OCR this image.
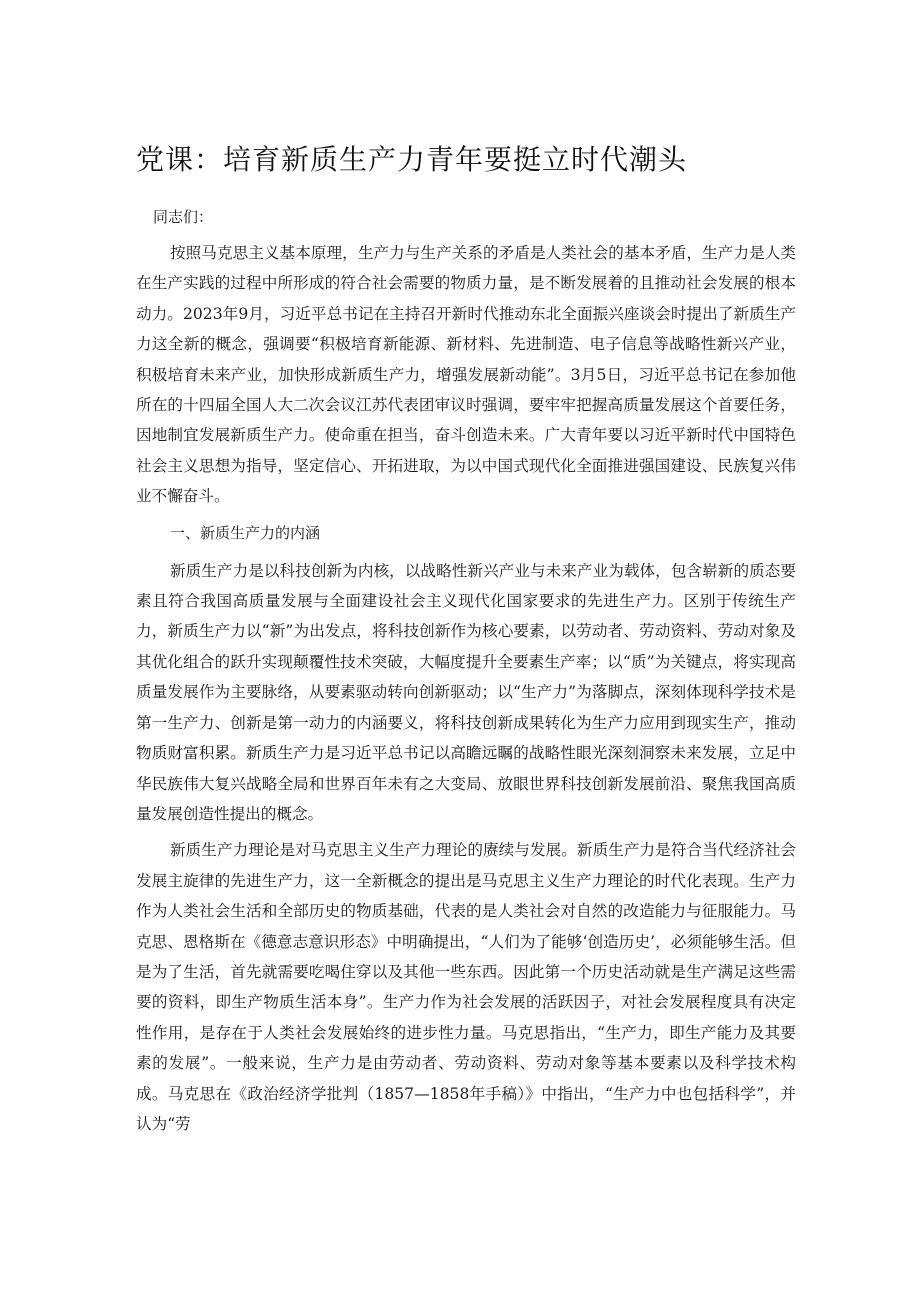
党课：培育新质生产力青年要挺立时代潮头

同志们：

按照马克思主义基本原理，生产力与生产关系的矛盾是人类社会的基本矛盾，生产力是人类在生产实践的过程中所形成的符合社会需要的物质力量，是不断发展着的且推动社会发展的根本动力。2023年9月，习近平总书记在主持召开新时代推动东北全面振兴座谈会时提出了新质生产力这全新的概念，强调要“积极培育新能源、新材料、先进制造、电子信息等战略性新兴产业，积极培育未来产业，加快形成新质生产力，增强发展新动能”。3月5日，习近平总书记在参加他所在的十四届全国人大二次会议江苏代表团审议时强调，要牢牢把握高质量发展这个首要任务，因地制宜发展新质生产力。使命重在担当，奋斗创造未来。广大青年要以习近平新时代中国特色社会主义思想为指导，坚定信心、开拓进取，为以中国式现代化全面推进强国建设、民族复兴伟业不懈奋斗。

一、新质生产力的内涵

新质生产力是以科技创新为内核，以战略性新兴产业与未来产业为载体，包含崭新的质态要素且符合我国高质量发展与全面建设社会主义现代化国家要求的先进生产力。区别于传统生产力，新质生产力以“新”为出发点，将科技创新作为核心要素，以劳动者、劳动资料、劳动对象及其优化组合的跃升实现颠覆性技术突破，大幅度提升全要素生产率；以“质”为关键点，将实现高质量发展作为主要脉络，从要素驱动转向创新驱动；以“生产力”为落脚点，深刻体现科学技术是第一生产力、创新是第一动力的内涵要义，将科技创新成果转化为生产力应用到现实生产，推动物质财富积累。新质生产力是习近平总书记以高瞻远瞩的战略性眼光深刻洞察未来发展，立足中华民族伟大复兴战略全局和世界百年未有之大变局、放眼世界科技创新发展前沿、聚焦我国高质量发展创造性提出的概念。

新质生产力理论是对马克思主义生产力理论的赓续与发展。新质生产力是符合当代经济社会发展主旋律的先进生产力，这一全新概念的提出是马克思主义生产力理论的时代化表现。生产力作为人类社会生活和全部历史的物质基础，代表的是人类社会对自然的改造能力与征服能力。马克思、恩格斯在《德意志意识形态》中明确提出，“人们为了能够‘创造历史’，必须能够生活。但是为了生活，首先就需要吃喝住穿以及其他一些东西。因此第一个历史活动就是生产满足这些需要的资料，即生产物质生活本身”。生产力作为社会发展的活跃因子，对社会发展程度具有决定性作用，是存在于人类社会发展始终的进步性力量。马克思指出，“生产力，即生产能力及其要素的发展”。一般来说，生产力是由劳动者、劳动资料、劳动对象等基本要素以及科学技术构成。马克思在《政治经济学批判（1857—1858年手稿）》中指出，“生产力中也包括科学”，并认为“劳
